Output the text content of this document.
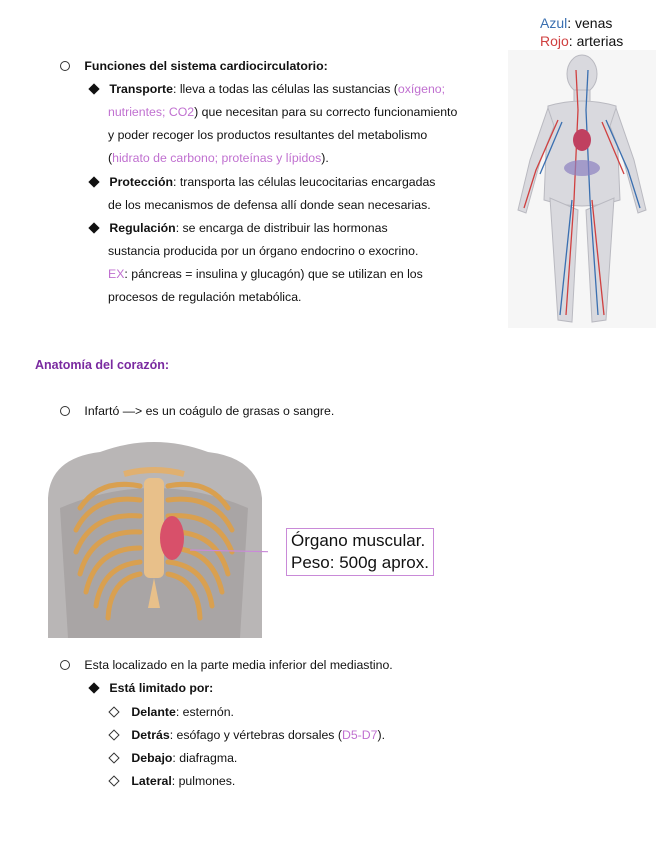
Azul: venas
Rojo: arterias
Funciones del sistema cardiocirculatorio:
Transporte: lleva a todas las células las sustancias (oxígeno;
nutrientes; CO2) que necesitan para su correcto funcionamiento
y poder recoger los productos resultantes del metabolismo
(hidrato de carbono; proteínas y lípidos).
Protección: transporta las células leucocitarias encargadas
de los mecanismos de defensa allí donde sean necesarias.
Regulación: se encarga de distribuir las hormonas
sustancia producida por un órgano endocrino o exocrino.
EX: páncreas = insulina y glucagón) que se utilizan en los
procesos de regulación metabólica.
Anatomía del corazón:
Infartó —> es un coágulo de grasas o sangre.
Órgano muscular.
Peso: 500g aprox.
Esta localizado en la parte media inferior del mediastino.
Está limitado por:
Delante: esternón.
Detrás: esófago y vértebras dorsales (D5-D7).
Debajo: diafragma.
Lateral: pulmones.
